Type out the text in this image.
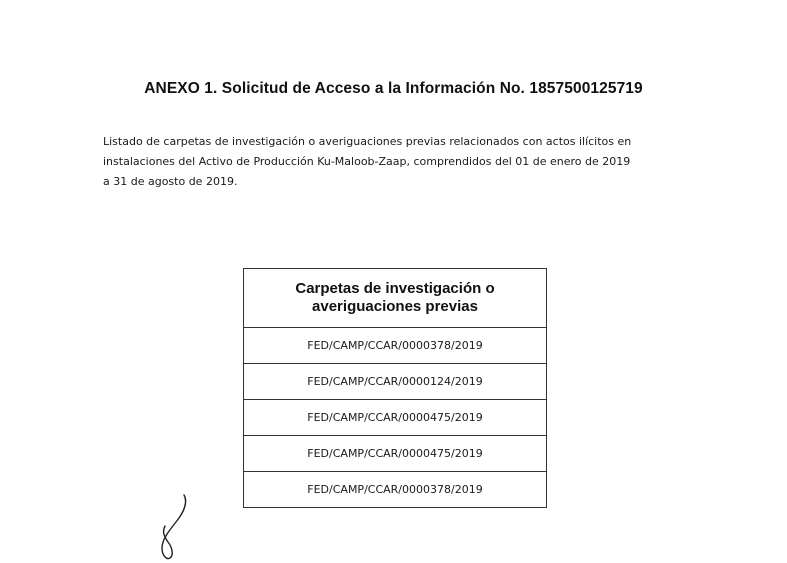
ANEXO 1. Solicitud de Acceso a la Información No. 1857500125719

Listado de carpetas de investigación o averiguaciones previas relacionados con actos ilícitos en
instalaciones del Activo de Producción Ku-Maloob-Zaap, comprendidos del 01 de enero de 2019
a 31 de agosto de 2019.

Carpetas de investigación o averiguaciones previas
FED/CAMP/CCAR/0000378/2019
FED/CAMP/CCAR/0000124/2019
FED/CAMP/CCAR/0000475/2019
FED/CAMP/CCAR/0000475/2019
FED/CAMP/CCAR/0000378/2019
